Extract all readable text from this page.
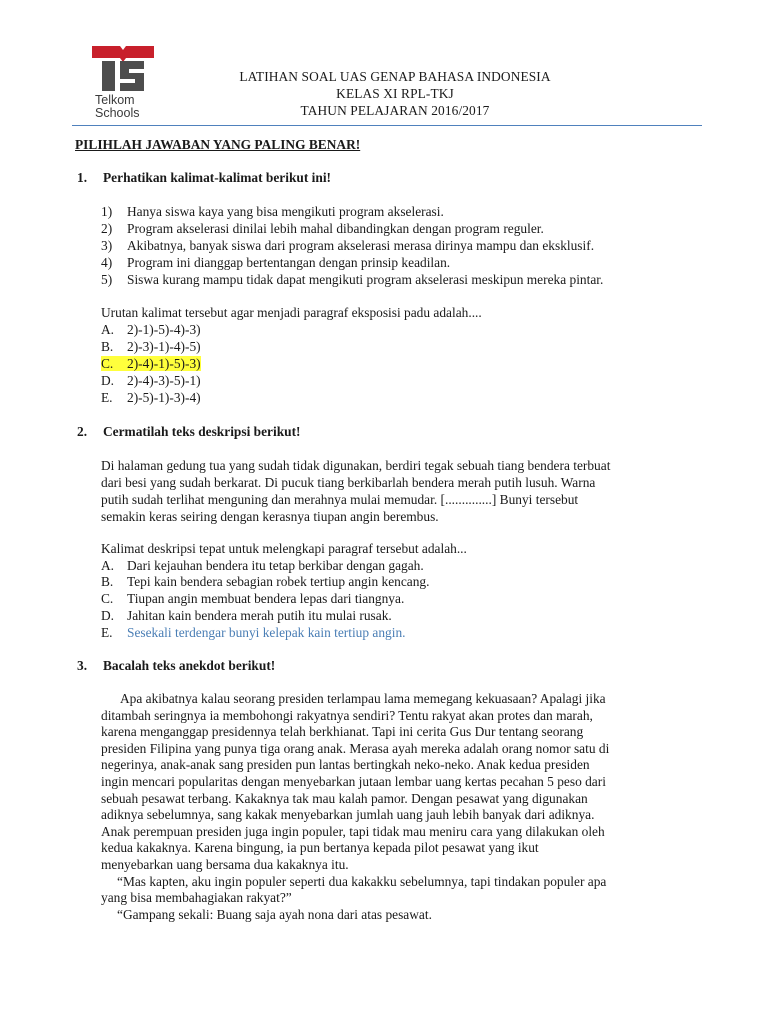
Telkom
Schools
LATIHAN SOAL UAS GENAP BAHASA INDONESIA
KELAS XI RPL-TKJ
TAHUN PELAJARAN 2016/2017
PILIHLAH JAWABAN YANG PALING BENAR!
1. Perhatikan kalimat-kalimat berikut ini!
1) Hanya siswa kaya yang bisa mengikuti program akselerasi.
2) Program akselerasi dinilai lebih mahal dibandingkan dengan program reguler.
3) Akibatnya, banyak siswa dari program akselerasi merasa dirinya mampu dan eksklusif.
4) Program ini dianggap bertentangan dengan prinsip keadilan.
5) Siswa kurang mampu tidak dapat mengikuti program akselerasi meskipun mereka pintar.
Urutan kalimat tersebut agar menjadi paragraf eksposisi padu adalah....
A. 2)-1)-5)-4)-3)
B. 2)-3)-1)-4)-5)
C. 2)-4)-1)-5)-3)
D. 2)-4)-3)-5)-1)
E. 2)-5)-1)-3)-4)
2. Cermatilah teks deskripsi berikut!
Di halaman gedung tua yang sudah tidak digunakan, berdiri tegak sebuah tiang bendera terbuat
dari besi yang sudah berkarat. Di pucuk tiang berkibarlah bendera merah putih lusuh. Warna
putih sudah terlihat menguning dan merahnya mulai memudar. [..............] Bunyi tersebut
semakin keras seiring dengan kerasnya tiupan angin berembus.
Kalimat deskripsi tepat untuk melengkapi paragraf tersebut adalah...
A. Dari kejauhan bendera itu tetap berkibar dengan gagah.
B. Tepi kain bendera sebagian robek tertiup angin kencang.
C. Tiupan angin membuat bendera lepas dari tiangnya.
D. Jahitan kain bendera merah putih itu mulai rusak.
E. Sesekali terdengar bunyi kelepak kain tertiup angin.
3. Bacalah teks anekdot berikut!
Apa akibatnya kalau seorang presiden terlampau lama memegang kekuasaan? Apalagi jika
ditambah seringnya ia membohongi rakyatnya sendiri? Tentu rakyat akan protes dan marah,
karena menganggap presidennya telah berkhianat. Tapi ini cerita Gus Dur tentang seorang
presiden Filipina yang punya tiga orang anak. Merasa ayah mereka adalah orang nomor satu di
negerinya, anak-anak sang presiden pun lantas bertingkah neko-neko. Anak kedua presiden
ingin mencari popularitas dengan menyebarkan jutaan lembar uang kertas pecahan 5 peso dari
sebuah pesawat terbang. Kakaknya tak mau kalah pamor. Dengan pesawat yang digunakan
adiknya sebelumnya, sang kakak menyebarkan jumlah uang jauh lebih banyak dari adiknya.
Anak perempuan presiden juga ingin populer, tapi tidak mau meniru cara yang dilakukan oleh
kedua kakaknya. Karena bingung, ia pun bertanya kepada pilot pesawat yang ikut
menyebarkan uang bersama dua kakaknya itu.
“Mas kapten, aku ingin populer seperti dua kakakku sebelumnya, tapi tindakan populer apa
yang bisa membahagiakan rakyat?”
“Gampang sekali: Buang saja ayah nona dari atas pesawat.
